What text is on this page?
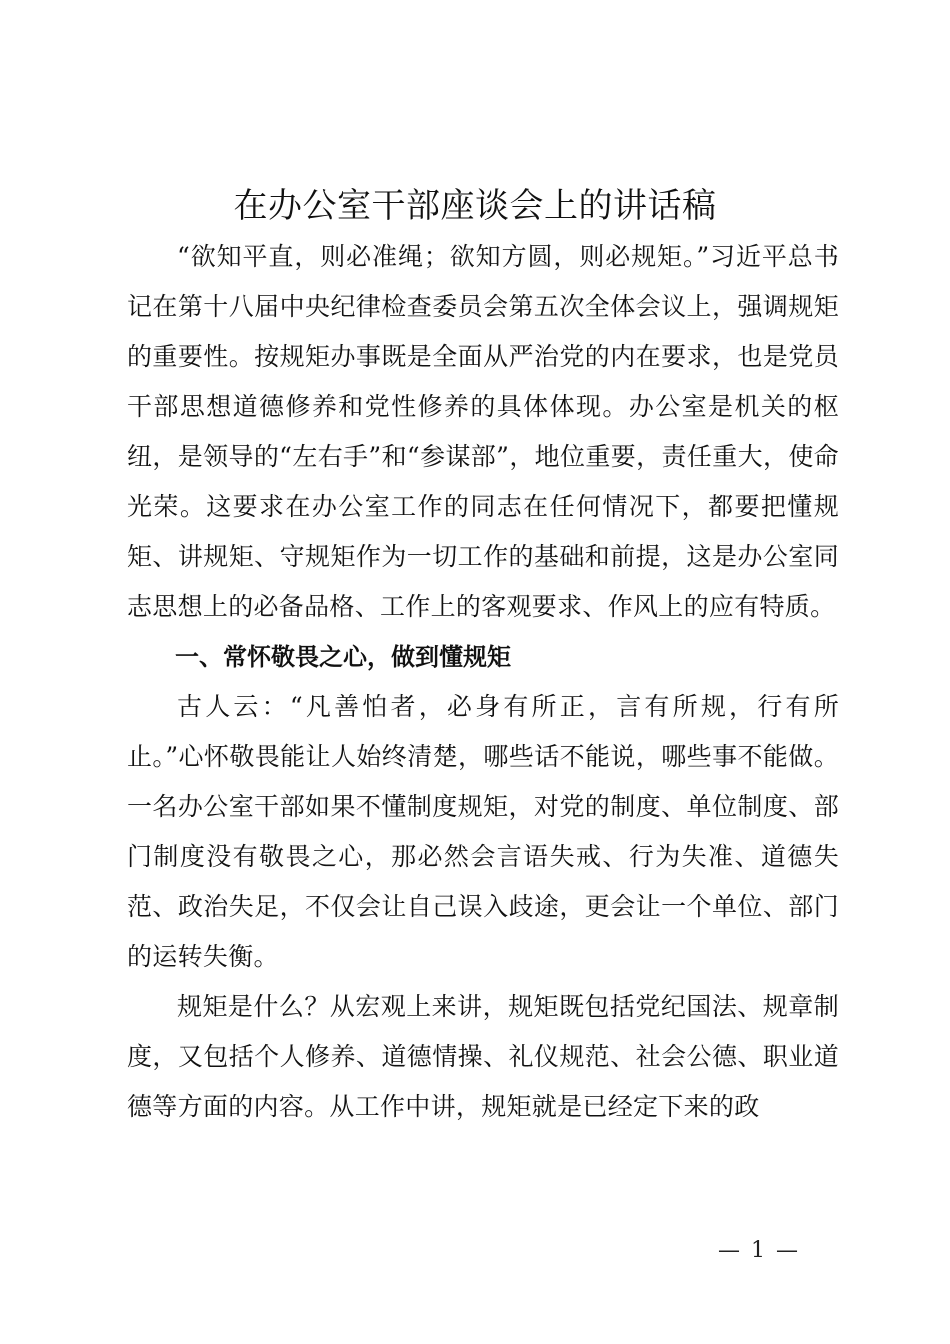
在办公室干部座谈会上的讲话稿

“欲知平直，则必准绳；欲知方圆，则必规矩。”习近平总书记在第十八届中央纪律检查委员会第五次全体会议上，强调规矩的重要性。按规矩办事既是全面从严治党的内在要求，也是党员干部思想道德修养和党性修养的具体体现。办公室是机关的枢纽，是领导的“左右手”和“参谋部”，地位重要，责任重大，使命光荣。这要求在办公室工作的同志在任何情况下，都要把懂规矩、讲规矩、守规矩作为一切工作的基础和前提，这是办公室同志思想上的必备品格、工作上的客观要求、作风上的应有特质。

一、常怀敬畏之心，做到懂规矩

古人云：“凡善怕者，必身有所正，言有所规，行有所止。”心怀敬畏能让人始终清楚，哪些话不能说，哪些事不能做。一名办公室干部如果不懂制度规矩，对党的制度、单位制度、部门制度没有敬畏之心，那必然会言语失戒、行为失准、道德失范、政治失足，不仅会让自己误入歧途，更会让一个单位、部门的运转失衡。

规矩是什么？从宏观上来讲，规矩既包括党纪国法、规章制度，又包括个人修养、道德情操、礼仪规范、社会公德、职业道德等方面的内容。从工作中讲，规矩就是已经定下来的政

— 1 —
